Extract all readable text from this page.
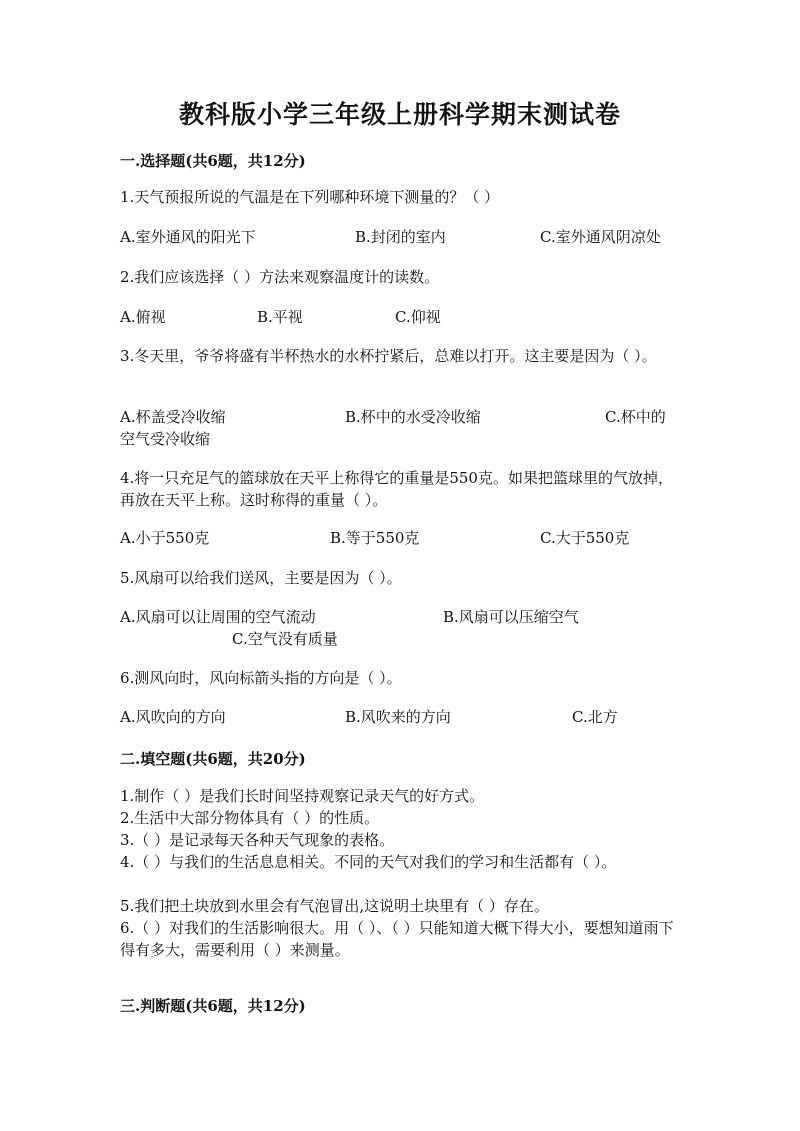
教科版小学三年级上册科学期末测试卷
一.选择题(共6题，共12分)
1.天气预报所说的气温是在下列哪种环境下测量的？（ ）
A.室外通风的阳光下	B.封闭的室内	C.室外通风阴凉处
2.我们应该选择（ ）方法来观察温度计的读数。
A.俯视	B.平视	C.仰视
3.冬天里，爷爷将盛有半杯热水的水杯拧紧后，总难以打开。这主要是因为（ ）。
A.杯盖受冷收缩	B.杯中的水受冷收缩	C.杯中的
空气受冷收缩
4.将一只充足气的篮球放在天平上称得它的重量是550克。如果把篮球里的气放掉，再放在天平上称。这时称得的重量（ ）。
A.小于550克	B.等于550克	C.大于550克
5.风扇可以给我们送风，主要是因为（ ）。
A.风扇可以让周围的空气流动	B.风扇可以压缩空气
C.空气没有质量
6.测风向时，风向标箭头指的方向是（ ）。
A.风吹向的方向	B.风吹来的方向	C.北方
二.填空题(共6题，共20分)
1.制作（ ）是我们长时间坚持观察记录天气的好方式。
2.生活中大部分物体具有（ ）的性质。
3.（ ）是记录每天各种天气现象的表格。
4.（ ）与我们的生活息息相关。不同的天气对我们的学习和生活都有（ ）。
5.我们把土块放到水里会有气泡冒出,这说明土块里有（ ）存在。
6.（ ）对我们的生活影响很大。用（ ）、（ ）只能知道大概下得大小，要想知道雨下得有多大，需要利用（ ）来测量。
三.判断题(共6题，共12分)
